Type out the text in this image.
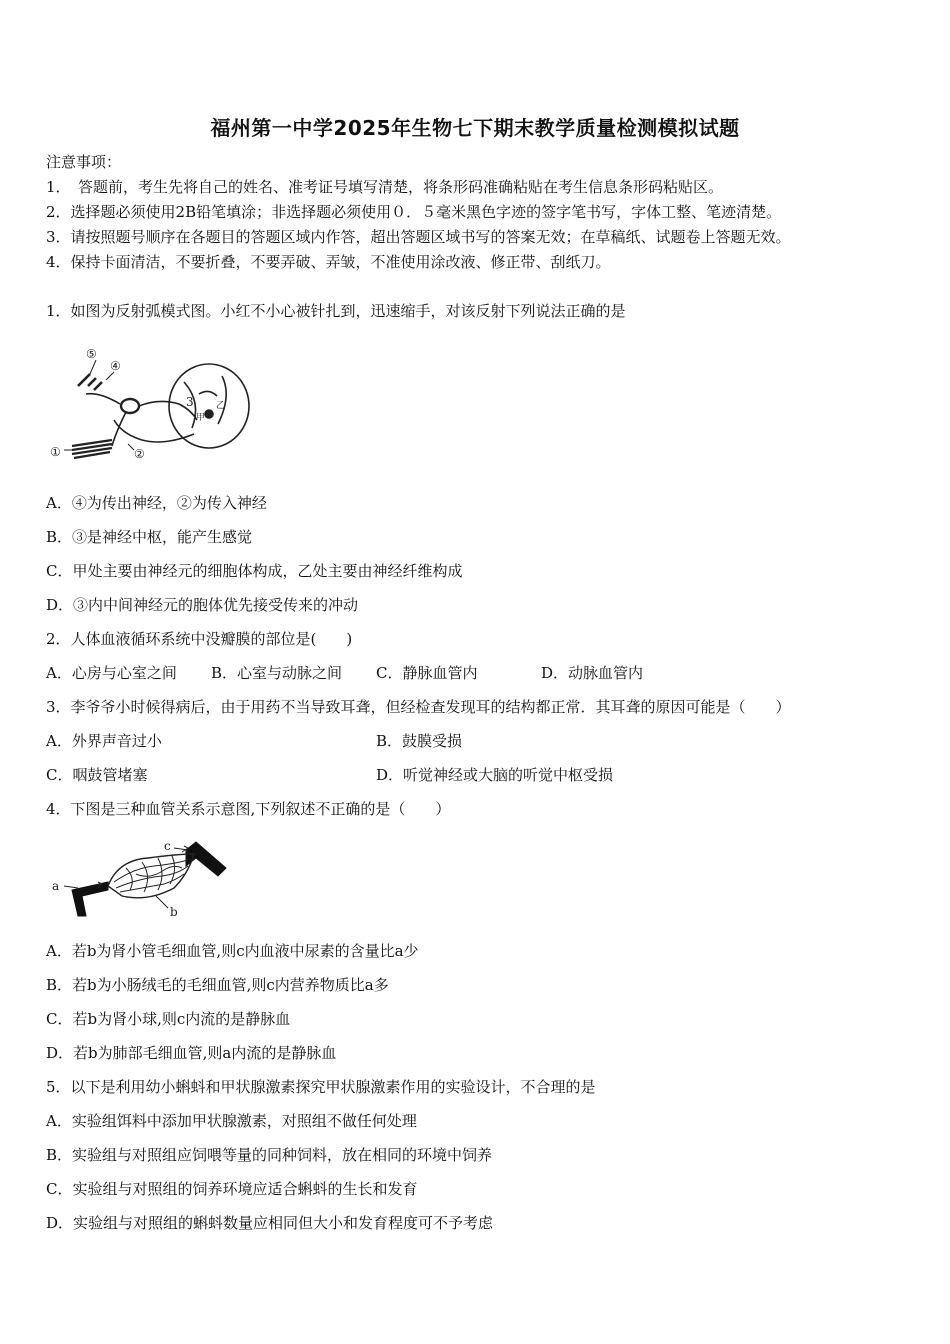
福州第一中学2025年生物七下期末教学质量检测模拟试题
注意事项：
1．　答题前，考生先将自己的姓名、准考证号填写清楚，将条形码准确粘贴在考生信息条形码粘贴区。
2．选择题必须使用2B铅笔填涂；非选择题必须使用０．５毫米黑色字迹的签字笔书写，字体工整、笔迹清楚。
3．请按照题号顺序在各题目的答题区域内作答，超出答题区域书写的答案无效；在草稿纸、试题卷上答题无效。
4．保持卡面清洁，不要折叠，不要弄破、弄皱，不准使用涂改液、修正带、刮纸刀。
1．如图为反射弧模式图。小红不小心被针扎到，迅速缩手，对该反射下列说法正确的是
⑤
④
3
①	②
甲
乙
A．④为传出神经，②为传入神经
B．③是神经中枢，能产生感觉
C．甲处主要由神经元的细胞体构成，乙处主要由神经纤维构成
D．③内中间神经元的胞体优先接受传来的冲动
2．人体血液循环系统中没瓣膜的部位是(　　)
A．心房与心室之间 B．心室与动脉之间 C．静脉血管内	D．动脉血管内
3．李爷爷小时候得病后，由于用药不当导致耳聋，但经检查发现耳的结构都正常．其耳聋的原因可能是（　　）
A．外界声音过小	B．鼓膜受损
C．咽鼓管堵塞	D．听觉神经或大脑的听觉中枢受损
4．下图是三种血管关系示意图,下列叙述不正确的是（　　）
a
b
c
A．若b为肾小管毛细血管,则c内血液中尿素的含量比a少
B．若b为小肠绒毛的毛细血管,则c内营养物质比a多
C．若b为肾小球,则c内流的是静脉血
D．若b为肺部毛细血管,则a内流的是静脉血
5．以下是利用幼小蝌蚪和甲状腺激素探究甲状腺激素作用的实验设计，不合理的是
A．实验组饵料中添加甲状腺激素，对照组不做任何处理
B．实验组与对照组应饲喂等量的同种饲料，放在相同的环境中饲养
C．实验组与对照组的饲养环境应适合蝌蚪的生长和发育
D．实验组与对照组的蝌蚪数量应相同但大小和发育程度可不予考虑
